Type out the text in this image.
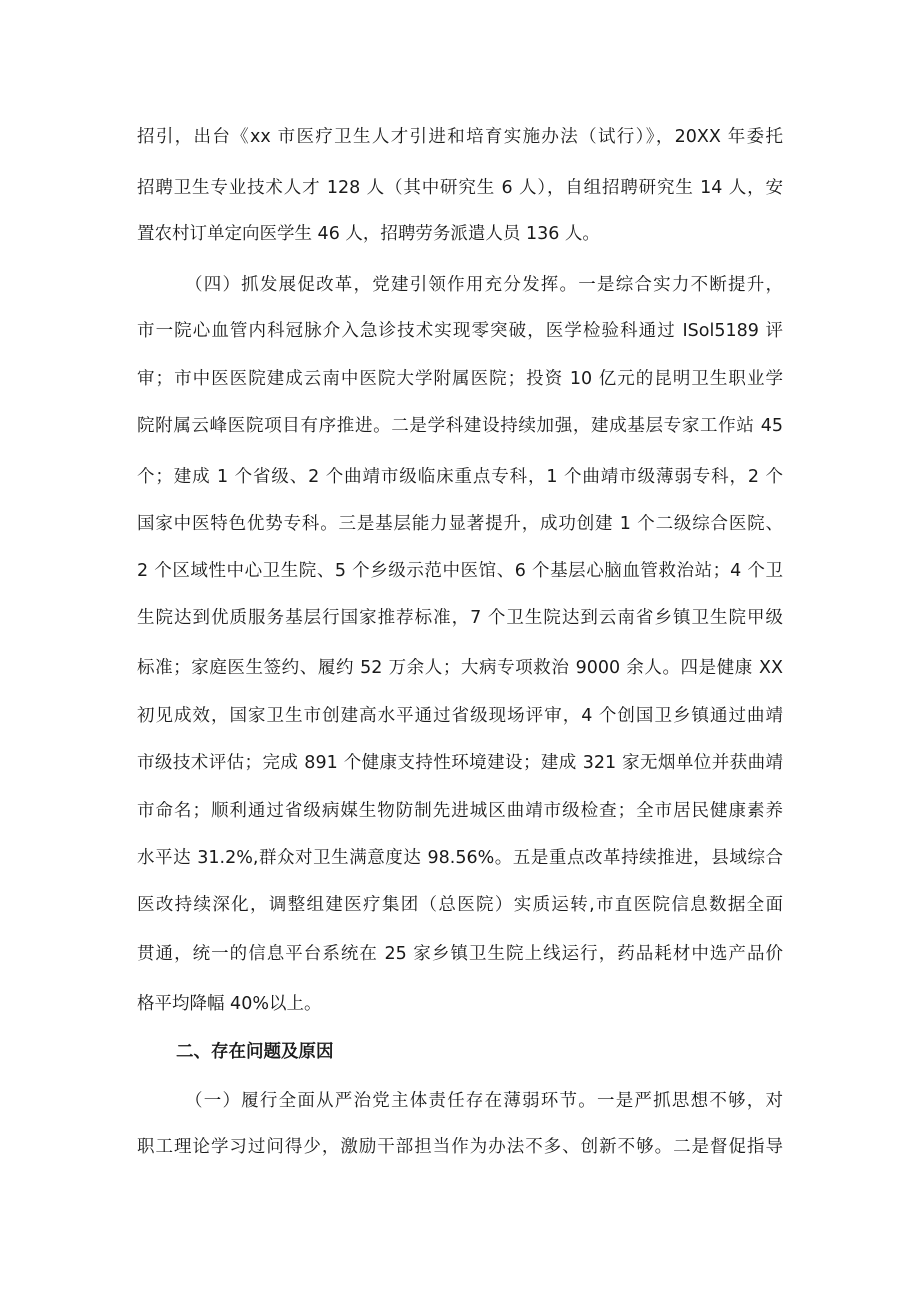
招引，出台《xx 市医疗卫生人才引进和培育实施办法（试行）》，20XX 年委托
招聘卫生专业技术人才 128 人（其中研究生 6 人），自组招聘研究生 14 人，安
置农村订单定向医学生 46 人，招聘劳务派遣人员 136 人。
（四）抓发展促改革，党建引领作用充分发挥。一是综合实力不断提升，
市一院心血管内科冠脉介入急诊技术实现零突破，医学检验科通过 ISol5189 评
审；市中医医院建成云南中医院大学附属医院；投资 10 亿元的昆明卫生职业学
院附属云峰医院项目有序推进。二是学科建设持续加强，建成基层专家工作站 45
个；建成 1 个省级、2 个曲靖市级临床重点专科，1 个曲靖市级薄弱专科，2 个
国家中医特色优势专科。三是基层能力显著提升，成功创建 1 个二级综合医院、
2 个区域性中心卫生院、5 个乡级示范中医馆、6 个基层心脑血管救治站；4 个卫
生院达到优质服务基层行国家推荐标准，7 个卫生院达到云南省乡镇卫生院甲级
标准；家庭医生签约、履约 52 万余人；大病专项救治 9000 余人。四是健康 XX
初见成效，国家卫生市创建高水平通过省级现场评审，4 个创国卫乡镇通过曲靖
市级技术评估；完成 891 个健康支持性环境建设；建成 321 家无烟单位并获曲靖
市命名；顺利通过省级病媒生物防制先进城区曲靖市级检查；全市居民健康素养
水平达 31.2%,群众对卫生满意度达 98.56%。五是重点改革持续推进，县域综合
医改持续深化，调整组建医疗集团（总医院）实质运转,市直医院信息数据全面
贯通，统一的信息平台系统在 25 家乡镇卫生院上线运行，药品耗材中选产品价
格平均降幅 40%以上。
二、存在问题及原因
（一）履行全面从严治党主体责任存在薄弱环节。一是严抓思想不够，对
职工理论学习过问得少，激励干部担当作为办法不多、创新不够。二是督促指导
